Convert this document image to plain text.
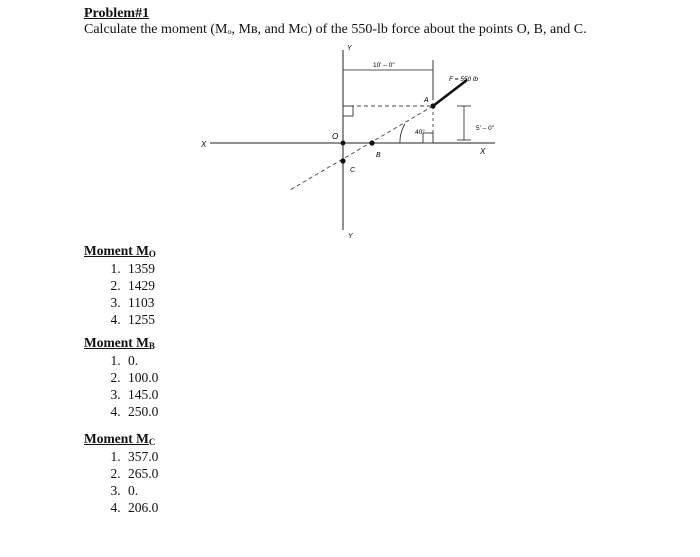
Problem#1
Calculate the moment (Mₒ, Mʙ, and Mᴄ) of the 550-lb force about the points O, B, and C.
X
X
Y
Y
O
A
B
C
10' – 0"
5' – 0"
40°
F = 550 lb
Moment $M_O$
1. 1359
2. 1429
3. 1103
4. 1255
Moment $M_B$
1. 0.
2. 100.0
3. 145.0
4. 250.0
Moment $M_C$
1. 357.0
2. 265.0
3. 0.
4. 206.0
